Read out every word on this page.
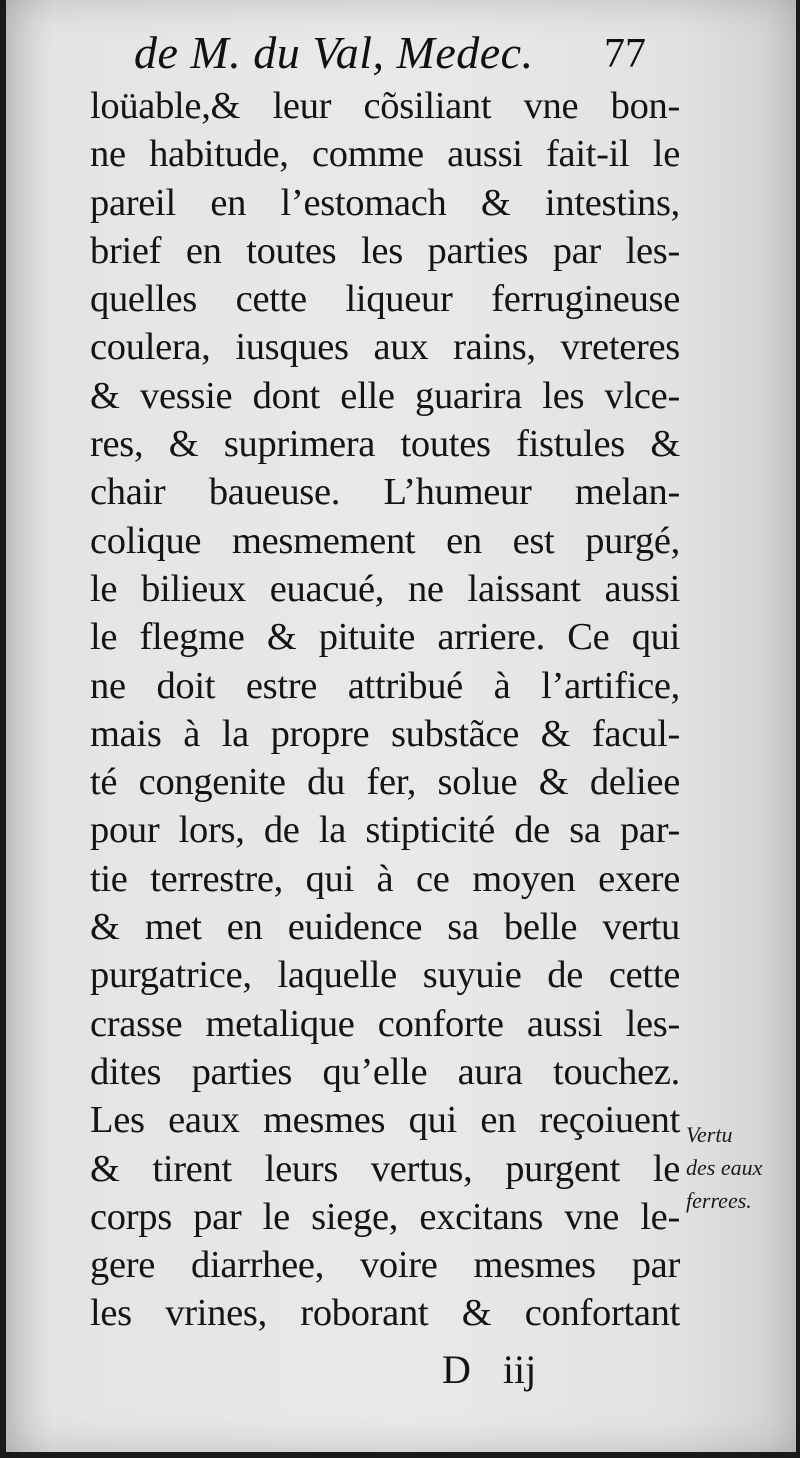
de M. du Val, Medec. 77
loüable,& leur cõsiliant vne bon-
ne habitude, comme aussi fait-il le
pareil en l’estomach & intestins,
brief en toutes les parties par les-
quelles cette liqueur ferrugineuse
coulera, iusques aux rains, vreteres
& vessie dont elle guarira les vlce-
res, & suprimera toutes fistules &
chair baueuse. L’humeur melan-
colique mesmement en est purgé,
le bilieux euacué, ne laissant aussi
le flegme & pituite arriere. Ce qui
ne doit estre attribué à l’artifice,
mais à la propre substãce & facul-
té congenite du fer, solue & deliee
pour lors, de la stipticité de sa par-
tie terrestre, qui à ce moyen exere
& met en euidence sa belle vertu
purgatrice, laquelle suyuie de cette
crasse metalique conforte aussi les-
dites parties qu’elle aura touchez.
Les eaux mesmes qui en reçoiuent
& tirent leurs vertus, purgent le
corps par le siege, excitans vne le-
gere diarrhee, voire mesmes par
les vrines, roborant & confortant
Vertu
des eaux
ferrees.
D iij
